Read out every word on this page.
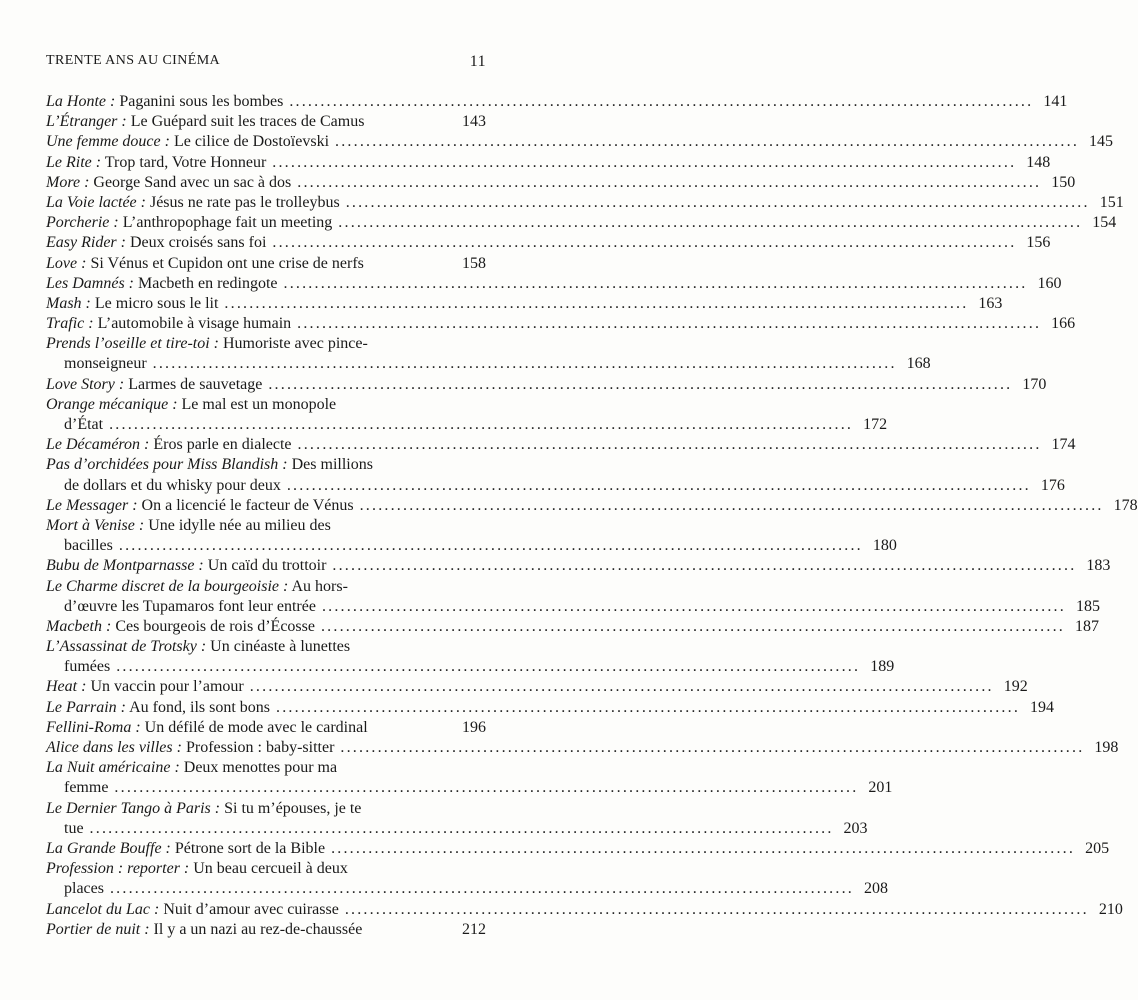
TRENTE ANS AU CINÉMA	11
La Honte : Paganini sous les bombes .....	141
L’Étranger : Le Guépard suit les traces de Camus	143
Une femme douce : Le cilice de Dostoïevski .....	145
Le Rite : Trop tard, Votre Honneur .....	148
More : George Sand avec un sac à dos .....	150
La Voie lactée : Jésus ne rate pas le trolleybus .....	151
Porcherie : L’anthropophage fait un meeting .....	154
Easy Rider : Deux croisés sans foi .....	156
Love : Si Vénus et Cupidon ont une crise de nerfs	158
Les Damnés : Macbeth en redingote .....	160
Mash : Le micro sous le lit .....	163
Trafic : L’automobile à visage humain .....	166
Prends l’oseille et tire-toi : Humoriste avec pince-
monseigneur .....	168
Love Story : Larmes de sauvetage .....	170
Orange mécanique : Le mal est un monopole
d’État .....	172
Le Décaméron : Éros parle en dialecte .....	174
Pas d’orchidées pour Miss Blandish : Des millions
de dollars et du whisky pour deux .....	176
Le Messager : On a licencié le facteur de Vénus .....	178
Mort à Venise : Une idylle née au milieu des
bacilles .....	180
Bubu de Montparnasse : Un caïd du trottoir .....	183
Le Charme discret de la bourgeoisie : Au hors-
d’œuvre les Tupamaros font leur entrée .....	185
Macbeth : Ces bourgeois de rois d’Écosse .....	187
L’Assassinat de Trotsky : Un cinéaste à lunettes
fumées .....	189
Heat : Un vaccin pour l’amour .....	192
Le Parrain : Au fond, ils sont bons .....	194
Fellini-Roma : Un défilé de mode avec le cardinal	196
Alice dans les villes : Profession : baby-sitter .....	198
La Nuit américaine : Deux menottes pour ma
femme .....	201
Le Dernier Tango à Paris : Si tu m’épouses, je te
tue .....	203
La Grande Bouffe : Pétrone sort de la Bible .....	205
Profession : reporter : Un beau cercueil à deux
places .....	208
Lancelot du Lac : Nuit d’amour avec cuirasse .....	210
Portier de nuit : Il y a un nazi au rez-de-chaussée	212
